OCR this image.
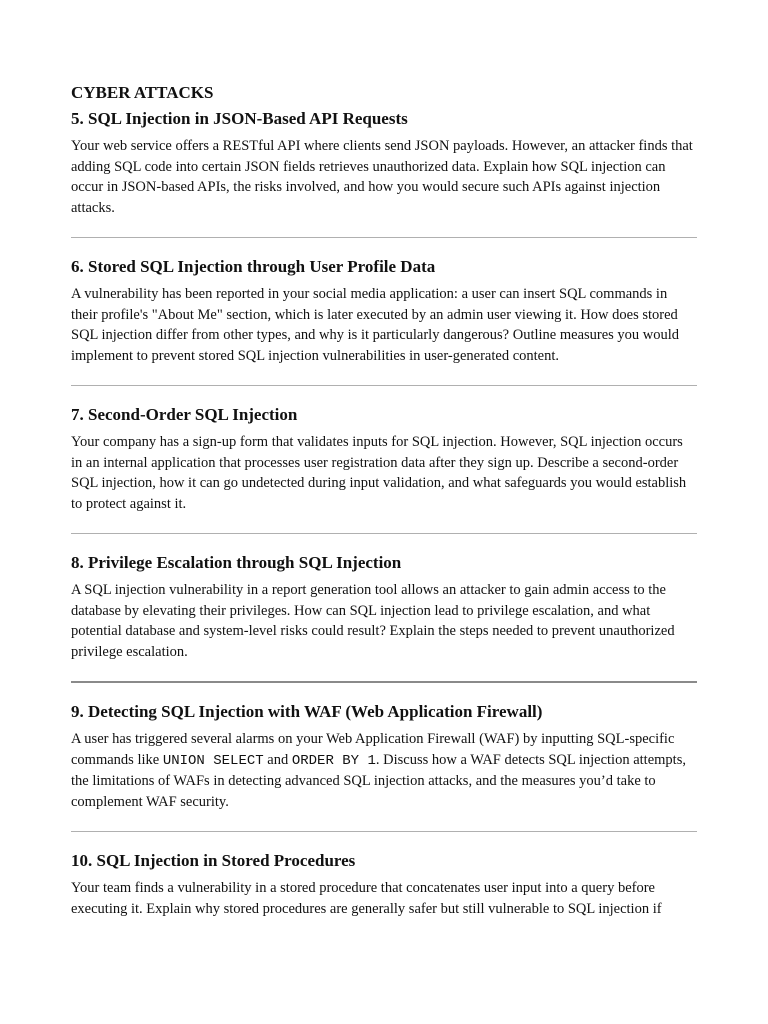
CYBER ATTACKS
5. SQL Injection in JSON-Based API Requests

Your web service offers a RESTful API where clients send JSON payloads. However, an attacker finds that adding SQL code into certain JSON fields retrieves unauthorized data. Explain how SQL injection can occur in JSON-based APIs, the risks involved, and how you would secure such APIs against injection attacks.

6. Stored SQL Injection through User Profile Data

A vulnerability has been reported in your social media application: a user can insert SQL commands in their profile's "About Me" section, which is later executed by an admin user viewing it. How does stored SQL injection differ from other types, and why is it particularly dangerous? Outline measures you would implement to prevent stored SQL injection vulnerabilities in user-generated content.

7. Second-Order SQL Injection

Your company has a sign-up form that validates inputs for SQL injection. However, SQL injection occurs in an internal application that processes user registration data after they sign up. Describe a second-order SQL injection, how it can go undetected during input validation, and what safeguards you would establish to protect against it.

8. Privilege Escalation through SQL Injection

A SQL injection vulnerability in a report generation tool allows an attacker to gain admin access to the database by elevating their privileges. How can SQL injection lead to privilege escalation, and what potential database and system-level risks could result? Explain the steps needed to prevent unauthorized privilege escalation.

9. Detecting SQL Injection with WAF (Web Application Firewall)

A user has triggered several alarms on your Web Application Firewall (WAF) by inputting SQL-specific commands like UNION SELECT and ORDER BY 1. Discuss how a WAF detects SQL injection attempts, the limitations of WAFs in detecting advanced SQL injection attacks, and the measures you’d take to complement WAF security.

10. SQL Injection in Stored Procedures

Your team finds a vulnerability in a stored procedure that concatenates user input into a query before executing it. Explain why stored procedures are generally safer but still vulnerable to SQL injection if
